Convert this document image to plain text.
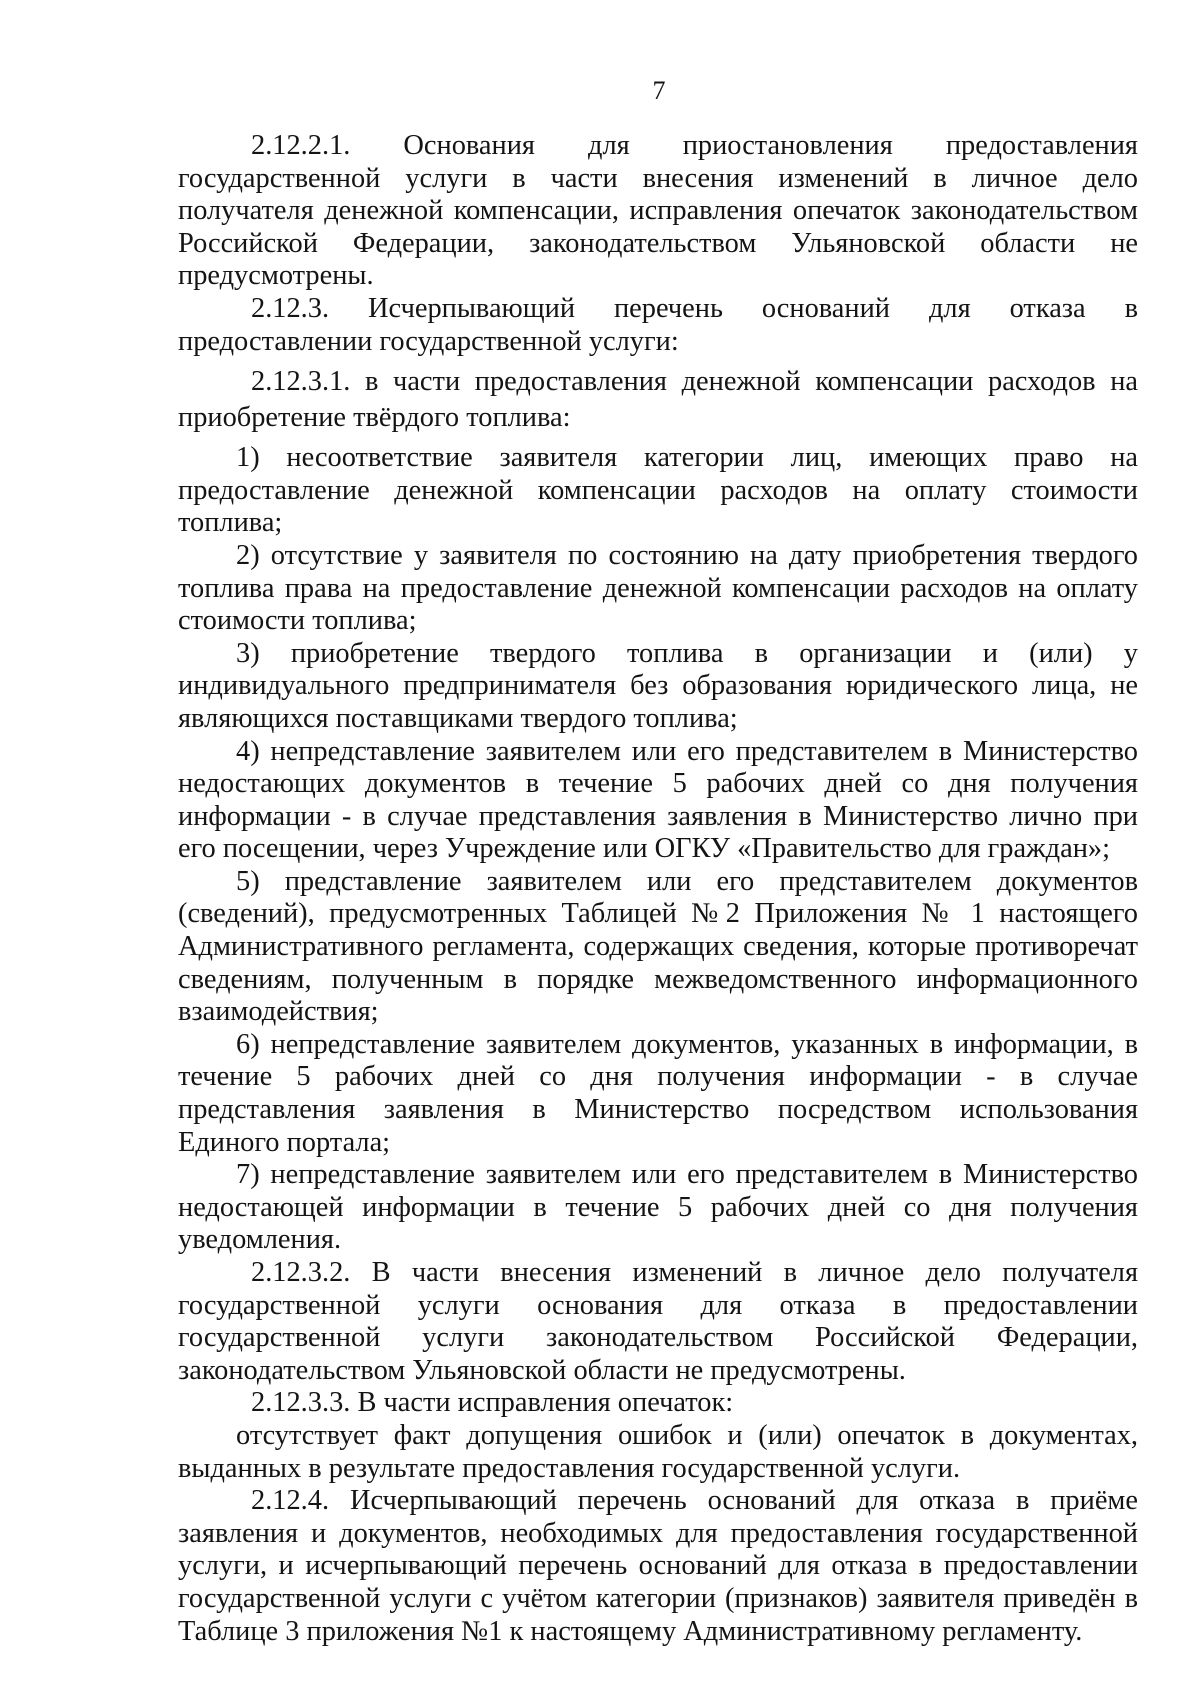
7

2.12.2.1. Основания для приостановления предоставления государственной услуги в части внесения изменений в личное дело получателя денежной компенсации, исправления опечаток законодательством Российской Федерации, законодательством Ульяновской области не предусмотрены.

2.12.3. Исчерпывающий перечень оснований для отказа в предоставлении государственной услуги:

2.12.3.1. в части предоставления денежной компенсации расходов на приобретение твёрдого топлива:

1) несоответствие заявителя категории лиц, имеющих право на предоставление денежной компенсации расходов на оплату стоимости топлива;

2) отсутствие у заявителя по состоянию на дату приобретения твердого топлива права на предоставление денежной компенсации расходов на оплату стоимости топлива;

3) приобретение твердого топлива в организации и (или) у индивидуального предпринимателя без образования юридического лица, не являющихся поставщиками твердого топлива;

4) непредставление заявителем или его представителем в Министерство недостающих документов в течение 5 рабочих дней со дня получения информации - в случае представления заявления в Министерство лично при его посещении, через Учреждение или ОГКУ «Правительство для граждан»;

5) представление заявителем или его представителем документов (сведений), предусмотренных Таблицей №2 Приложения № 1 настоящего Административного регламента, содержащих сведения, которые противоречат сведениям, полученным в порядке межведомственного информационного взаимодействия;

6) непредставление заявителем документов, указанных в информации, в течение 5 рабочих дней со дня получения информации - в случае представления заявления в Министерство посредством использования Единого портала;

7) непредставление заявителем или его представителем в Министерство недостающей информации в течение 5 рабочих дней со дня получения уведомления.

2.12.3.2. В части внесения изменений в личное дело получателя государственной услуги основания для отказа в предоставлении государственной услуги законодательством Российской Федерации, законодательством Ульяновской области не предусмотрены.

2.12.3.3. В части исправления опечаток:

отсутствует факт допущения ошибок и (или) опечаток в документах, выданных в результате предоставления государственной услуги.

2.12.4. Исчерпывающий перечень оснований для отказа в приёме заявления и документов, необходимых для предоставления государственной услуги, и исчерпывающий перечень оснований для отказа в предоставлении государственной услуги с учётом категории (признаков) заявителя приведён в Таблице 3 приложения №1 к настоящему Административному регламенту.
